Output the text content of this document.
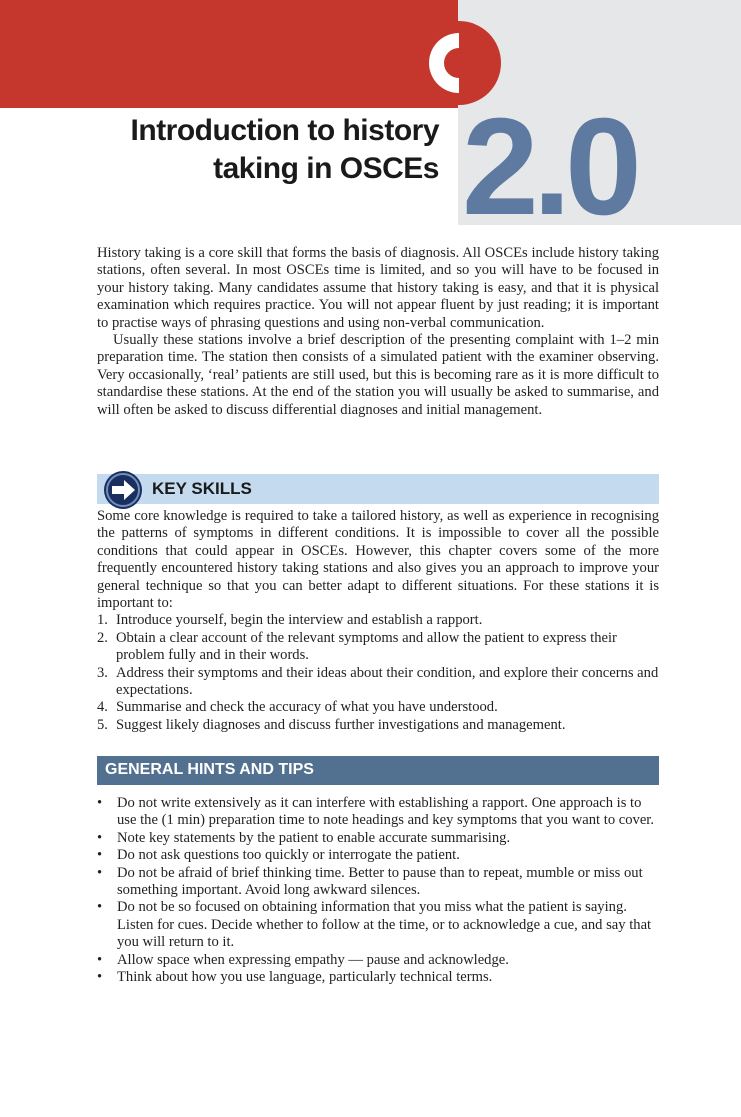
Introduction to history
taking in OSCEs 2.0

History taking is a core skill that forms the basis of diagnosis. All OSCEs include history taking stations, often several. In most OSCEs time is limited, and so you will have to be focused in your history taking. Many candidates assume that history taking is easy, and that it is physical examination which requires practice. You will not appear fluent by just reading; it is important to practise ways of phrasing questions and using non-verbal communication.

Usually these stations involve a brief description of the presenting complaint with 1–2 min preparation time. The station then consists of a simulated patient with the examiner observing. Very occasionally, ‘real’ patients are still used, but this is becoming rare as it is more difficult to standardise these stations. At the end of the station you will usually be asked to summarise, and will often be asked to discuss differential diagnoses and initial management.

KEY SKILLS

Some core knowledge is required to take a tailored history, as well as experience in recognising the patterns of symptoms in different conditions. It is impossible to cover all the possible conditions that could appear in OSCEs. However, this chapter covers some of the more frequently encountered history taking stations and also gives you an approach to improve your general technique so that you can better adapt to different situations. For these stations it is important to:

1. Introduce yourself, begin the interview and establish a rapport.
2. Obtain a clear account of the relevant symptoms and allow the patient to express their problem fully and in their words.
3. Address their symptoms and their ideas about their condition, and explore their concerns and expectations.
4. Summarise and check the accuracy of what you have understood.
5. Suggest likely diagnoses and discuss further investigations and management.
GENERAL HINTS AND TIPS
• Do not write extensively as it can interfere with establishing a rapport. One approach is to use the (1 min) preparation time to note headings and key symptoms that you want to cover.
• Note key statements by the patient to enable accurate summarising.
• Do not ask questions too quickly or interrogate the patient.
• Do not be afraid of brief thinking time. Better to pause than to repeat, mumble or miss out something important. Avoid long awkward silences.
• Do not be so focused on obtaining information that you miss what the patient is saying. Listen for cues. Decide whether to follow at the time, or to acknowledge a cue, and say that you will return to it.
• Allow space when expressing empathy — pause and acknowledge.
• Think about how you use language, particularly technical terms.
